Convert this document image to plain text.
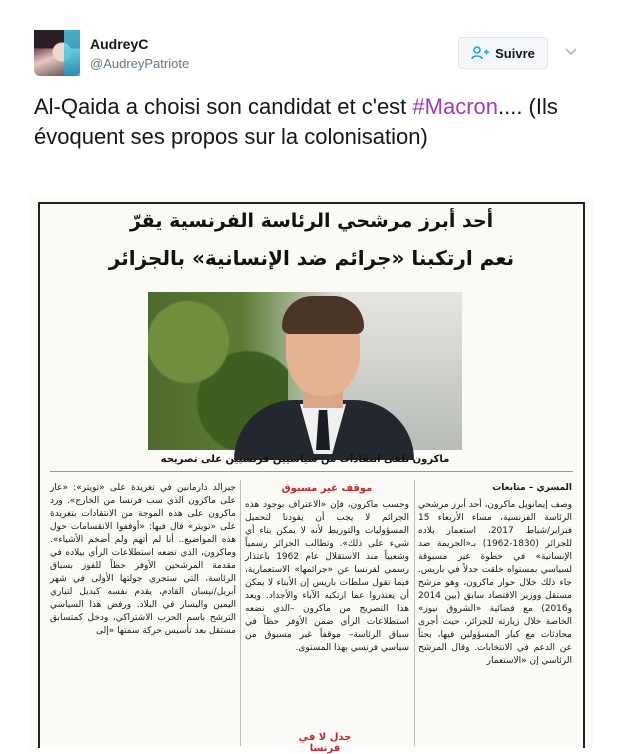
AudreyC
@AudreyPatriote
Suivre
Al-Qaida a choisi son candidat et c'est #Macron.... (Ils évoquent ses propos sur la colonisation)
أحد أبرز مرشحي الرئاسة الفرنسية يقرّ
نعم ارتكبنا «جرائم ضد الإنسانية» بالجزائر
ماكرون تلقى انتقادات من سياسيين فرنسيين على تصريحه
المسري – متابعات
وصف إيمانويل ماكرون، أحد أبرز مرشحي الرئاسة الفرنسية، مساء الأربعاء 15 فبراير/شباط 2017، استعمار بلاده للجزائر (1830-1962) بـ«الجريمة ضد الإنسانية» في خطوة غير مسبوقة لسياسي بمستواه خلقت جدلاً في باريس. جاء ذلك خلال حوار ماكرون، وهو مرشح مستقل ووزير الاقتصاد سابق (بين 2014 و2016) مع فضائية «الشروق نيوز» الخاصة خلال زيارته للجزائر، حيث أجرى محادثات مع كبار المسؤولين فيها، بحثاً عن الدعم في الانتخابات. وقال المرشح الرئاسي إن «الاستعمار
موقف غير مسبوق
وحسب ماكرون، فإن «الاعتراف بوجود هذه الجرائم لا يجب أن يقودنا لتحميل المسؤوليات والتوريط لأنه لا يمكن بناء أي شيء على ذلك». وتطالب الجزائر رسمياً وشعبياً منذ الاستقلال عام 1962 باعتذار رسمي لفرنسا عن «جرائمها» الاستعمارية، فيما تقول سلطات باريس إن الأبناء لا يمكن أن يعتذروا عما ارتكبه الآباء والأجداد. ويعد هذا التصريح من ماكرون –الذي تضعه استطلاعات الرأي ضمن الأوفر حظاً في سباق الرئاسة– موقفاً غير مسبوق من سياسي فرنسي بهذا المستوى.
جدل لا في فرنسا
جيرالد دارمانين في تغريدة على «تويتر»: «عار على ماكرون الذي سب فرنسا من الخارج». ورد ماكرون على هذه الموجة من الانتقادات بتغريدة على «تويتر» قال فيها: «أوقفوا الانقسامات حول هذه المواضيع.. أنا لم أتهم ولم أضخم الأشياء». وماكرون، الذي تضعه استطلاعات الرأي بيلاده في مقدمة المرشحين الأوفر حظاً للفوز بسباق الرئاسة، التي ستجري جولتها الأولى في شهر أبريل/نيسان القادم، يقدم نفسه كبديل لتياري اليمين واليسار في البلاد. ورفض هذا السياسي الترشح باسم الحزب الاشتراكي، ودخل كمتسابق مستقل بعد تأسيس حركة سمتها «إلى
